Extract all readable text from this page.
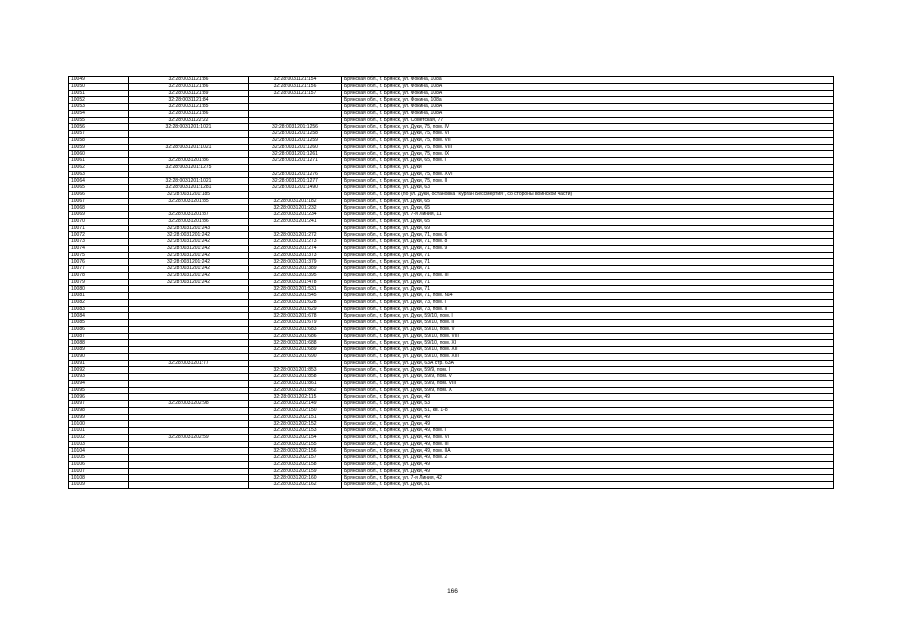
10049	32:28:0031121:86	32:28:0031121:154	Брянская обл., г. Брянск, ул. Фокина, 108а
10050	32:28:0031121:86	32:28:0031121:156	Брянская обл., г. Брянск, ул. Фокина, 108А
10051	32:28:0031121:89	32:28:0031121:157	Брянская обл., г. Брянск, ул. Фокина, 108А
10052	32:28:0031121:84		Брянская обл., г. Брянск, ул. Фокина, 108а
10053	32:28:0031121:85		Брянская обл., г. Брянск, ул. Фокина, 108А
10054	32:28:0031121:86		Брянская обл., г. Брянск, ул. Фокина, 108А
10055	32:28:0031122:22		Брянская обл., г. Брянск, ул. Советская, 77
10056	32:28:0031201:1021	32:28:0031201:1256	Брянская обл., г. Брянск, ул. Дуки, 75, пом. IV
10057		32:28:0031201:1258	Брянская обл., г. Брянск, ул. Дуки, 75, пом. VI
10058		32:28:0031201:1259	Брянская обл., г. Брянск, ул. Дуки, 75, пом. VII
10059	32:28:0031201:1021	32:28:0031201:1260	Брянская обл., г. Брянск, ул. Дуки, 75, пом. VIII
10060		32:28:0031201:1261	Брянская обл., г. Брянск, ул. Дуки, 75, пом. IX
10061	32:28:0031201:86	32:28:0031201:1271	Брянская обл., г. Брянск, ул. Дуки, 65, пом. I
10062	32:28:0031201:1275		Брянская обл., г. Брянск, ул. Дуки
10063		32:28:0031201:1276	Брянская обл., г. Брянск, ул. Дуки, 75, пом. XVI
10064	32:28:0031201:1021	32:28:0031201:1277	Брянская обл., г. Брянск, ул. Дуки, 75, пом. II
10065	32:28:0031201:1281	32:28:0031201:1490	Брянская обл., г. Брянск, ул. Дуки, 63
10066	32:28:0031201:185		Брянская обл., г. Брянск (по ул. Дуки, остановка "Курган Бессмертия", со стороны воинской части)
10067	32:28:0031201:85	32:28:0031201:182	Брянская обл., г. Брянск, ул. Дуки, 65
10068		32:28:0031201:232	Брянская обл., г. Брянск, ул. Дуки, 65
10069	32:28:0031201:87	32:28:0031201:234	Брянская обл., г. Брянск, ул. 7-я Линия, 11
10070	32:28:0031201:86	32:28:0031201:241	Брянская обл., г. Брянск, ул. Дуки, 65
10071	32:28:0031201:243		Брянская обл., г. Брянск, ул. Дуки, 69
10072	32:28:0031201:242	32:28:0031201:272	Брянская обл., г. Брянск, ул. Дуки, 71, пом. 6
10073	32:28:0031201:242	32:28:0031201:273	Брянская обл., г. Брянск, ул. Дуки, 71, пом. 8
10074	32:28:0031201:242	32:28:0031201:274	Брянская обл., г. Брянск, ул. Дуки, 71, пом. 9
10075	32:28:0031201:242	32:28:0031201:373	Брянская обл., г. Брянск, ул. Дуки, 71
10076	32:28:0031201:242	32:28:0031201:379	Брянская обл., г. Брянск, ул. Дуки, 71
10077	32:28:0031201:242	32:28:0031201:389	Брянская обл., г. Брянск, ул. Дуки, 71
10078	32:28:0031201:242	32:28:0031201:395	Брянская обл., г. Брянск, ул. Дуки, 71, пом. III
10079	32:28:0031201:242	32:28:0031201:478	Брянская обл., г. Брянск, ул. Дуки, 71
10080		32:28:0031201:531	Брянская обл., г. Брянск, ул. Дуки, 71
10081		32:28:0031201:545	Брянская обл., г. Брянск, ул. Дуки, 71, пом. №4
10082		32:28:0031201:628	Брянская обл., г. Брянск, ул. Дуки, 73, пом. I
10083		32:28:0031201:629	Брянская обл., г. Брянск, ул. Дуки, 73, пом. II
10084		32:28:0031201:678	Брянская обл., г. Брянск, ул. Дуки, 59/10, пом. I
10085		32:28:0031201:679	Брянская обл., г. Брянск, ул. Дуки, 59/10, пом. II
10086		32:28:0031201:683	Брянская обл., г. Брянск, ул. Дуки, 59/10, пом. V
10087		32:28:0031201:686	Брянская обл., г. Брянск, ул. Дуки, 59/10, пом. VIII
10088		32:28:0031201:688	Брянская обл., г. Брянск, ул. Дуки, 59/10, пом. XI
10089		32:28:0031201:689	Брянская обл., г. Брянск, ул. Дуки, 59/10, пом. XII
10090		32:28:0031201:690	Брянская обл., г. Брянск, ул. Дуки, 59/10, пом. XIII
10091	32:28:0031201:77		Брянская обл., г. Брянск, ул. Дуки, 63А стр. 63А
10092		32:28:0031201:853	Брянская обл., г. Брянск, ул. Дуки, 59/9, пом. I
10093		32:28:0031201:858	Брянская обл., г. Брянск, ул. Дуки, 59/9, пом. V
10094		32:28:0031201:861	Брянская обл., г. Брянск, ул. Дуки, 59/9, пом. VIII
10095		32:28:0031201:862	Брянская обл., г. Брянск, ул. Дуки, 59/9, пом. X
10096		32:28:0031202:115	Брянская обл., г. Брянск, ул. Дуки, 49
10097	32:28:0031202:98	32:28:0031202:149	Брянская обл., г. Брянск, ул. Дуки, 53
10098		32:28:0031202:150	Брянская обл., г. Брянск, ул. Дуки, 51, кв. 1-8
10099		32:28:0031202:151	Брянская обл., г. Брянск, ул. Дуки, 49
10100		32:28:0031202:152	Брянская обл., г. Брянск, ул. Дуки, 49
10101		32:28:0031202:153	Брянская обл., г. Брянск, ул. Дуки, 49, пом. I
10102	32:28:0031202:59	32:28:0031202:154	Брянская обл., г. Брянск, ул. Дуки, 49, пом. VI
10103		32:28:0031202:155	Брянская обл., г. Брянск, ул. Дуки, 49, пом. III
10104		32:28:0031202:156	Брянская обл., г. Брянск, ул. Дуки, 49, пом. IIА
10105		32:28:0031202:157	Брянская обл., г. Брянск, ул. Дуки, 49, пом. 2
10106		32:28:0031202:158	Брянская обл., г. Брянск, ул. Дуки, 49
10107		32:28:0031202:159	Брянская обл., г. Брянск, ул. Дуки, 49
10108		32:28:0031202:160	Брянская обл., г. Брянск, ул. 7-я Линия, 42
10109		32:28:0031202:162	Брянская обл., г. Брянск, ул. Дуки, 51
166
